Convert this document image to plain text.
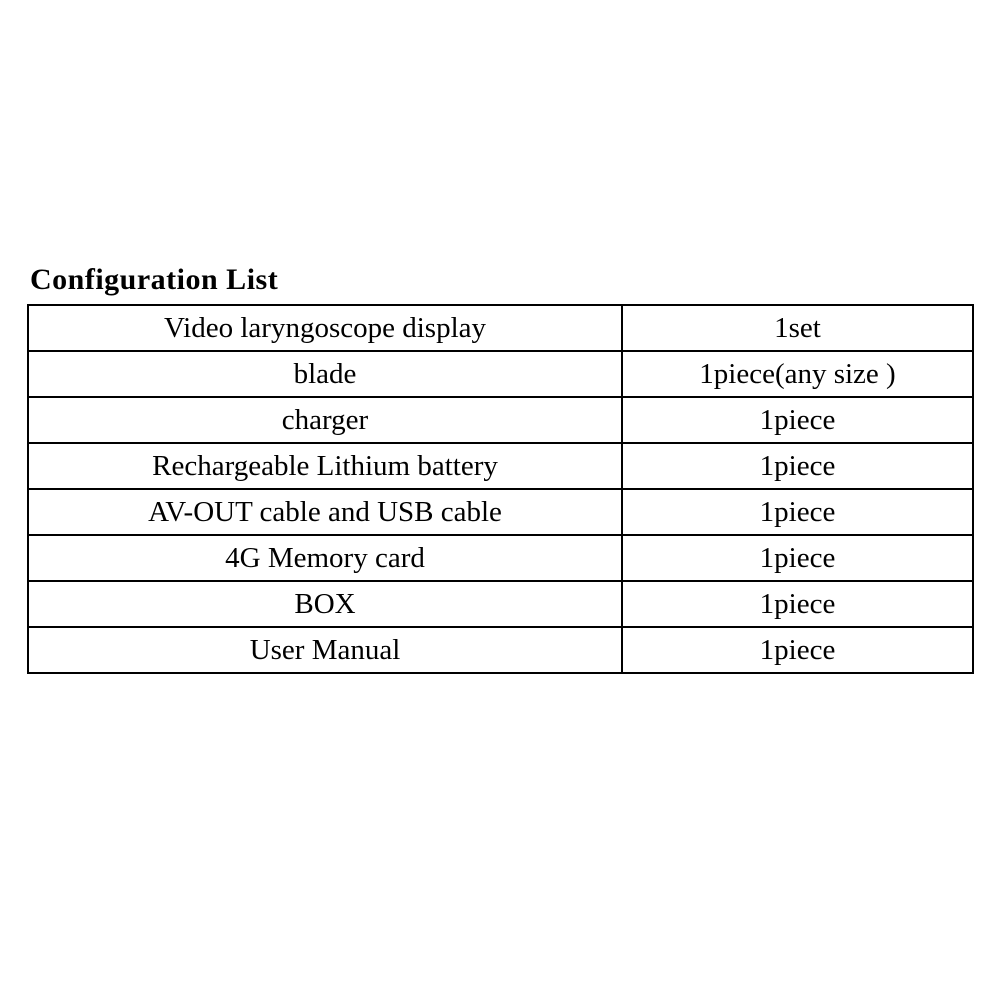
Configuration List
Video laryngoscope display	1set
blade	1piece(any size )
charger	1piece
Rechargeable Lithium battery	1piece
AV-OUT cable and USB cable	1piece
4G Memory card	1piece
BOX	1piece
User Manual	1piece
